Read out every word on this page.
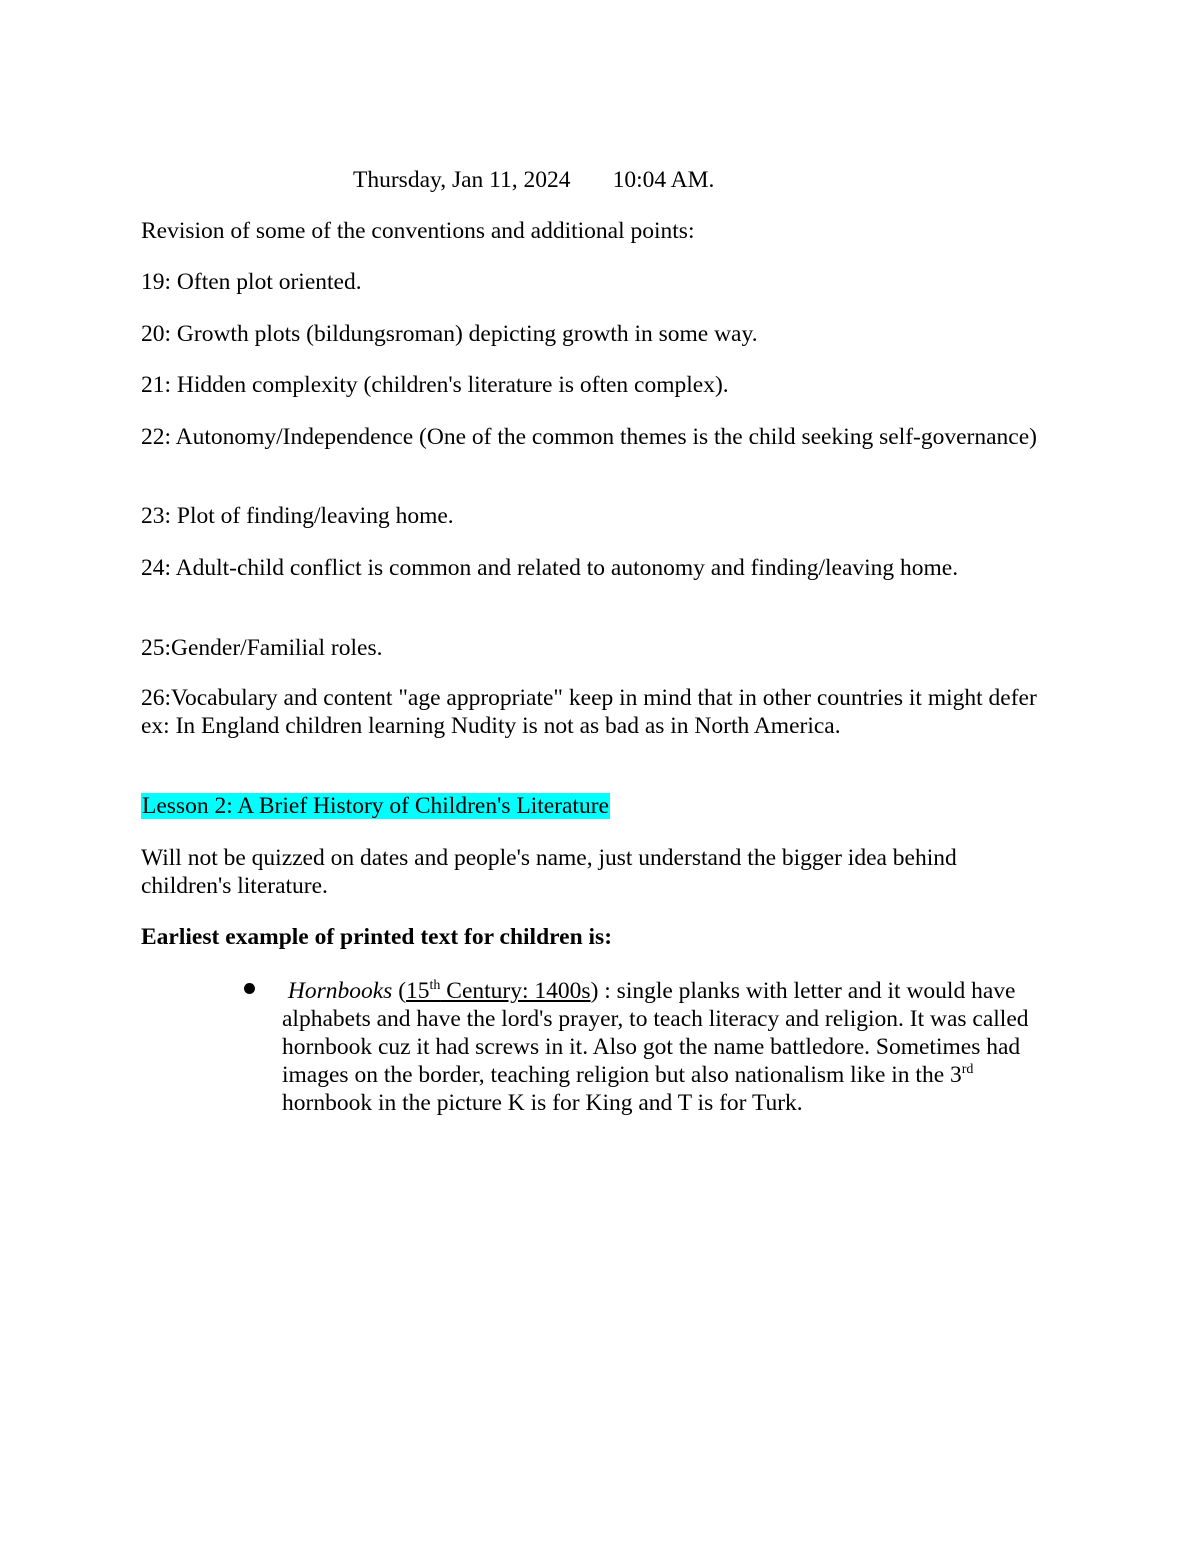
Thursday, Jan 11, 2024 10:04 AM.
Revision of some of the conventions and additional points:
19: Often plot oriented.
20: Growth plots (bildungsroman) depicting growth in some way.
21: Hidden complexity (children's literature is often complex).
22: Autonomy/Independence (One of the common themes is the child seeking self-governance)
23: Plot of finding/leaving home.
24: Adult-child conflict is common and related to autonomy and finding/leaving home.
25:Gender/Familial roles.
26:Vocabulary and content "age appropriate" keep in mind that in other countries it might defer ex: In England children learning Nudity is not as bad as in North America.
Lesson 2: A Brief History of Children's Literature
Will not be quizzed on dates and people's name, just understand the bigger idea behind children's literature.
Earliest example of printed text for children is:
Hornbooks (15th Century: 1400s) : single planks with letter and it would have alphabets and have the lord's prayer, to teach literacy and religion. It was called hornbook cuz it had screws in it. Also got the name battledore. Sometimes had images on the border, teaching religion but also nationalism like in the 3rd hornbook in the picture K is for King and T is for Turk.
